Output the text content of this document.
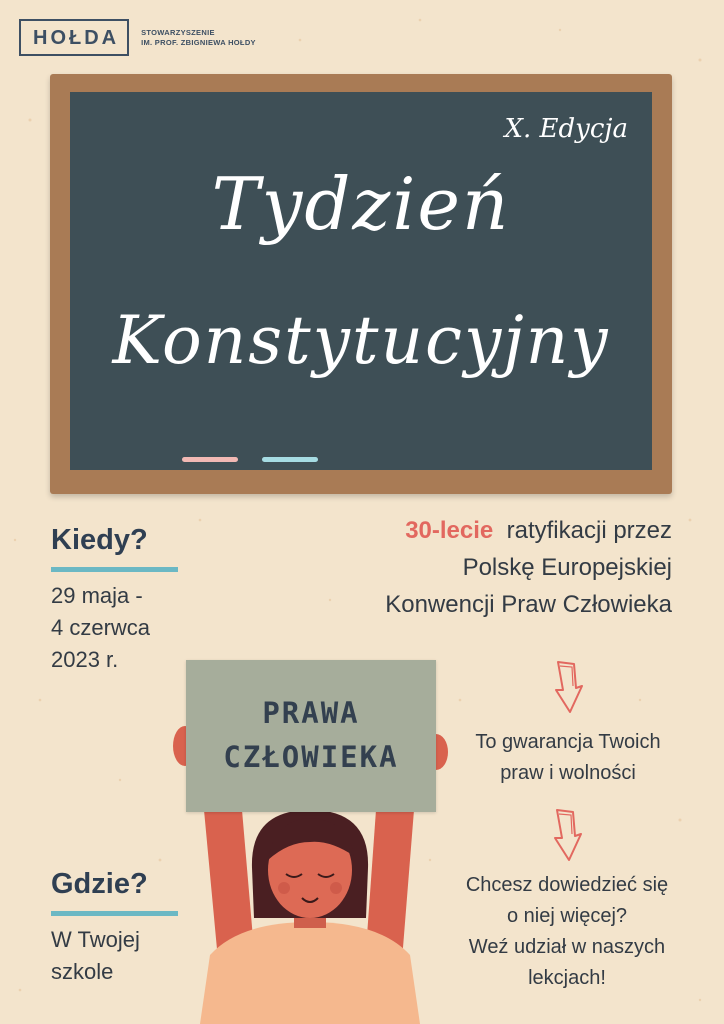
HOŁDA	STOWARZYSZENIE
IM. PROF. ZBIGNIEWA HOŁDY
X. Edycja
Tydzień
Konstytucyjny
Kiedy?
29 maja -
4 czerwca
2023 r.
Gdzie?
W Twojej
szkole
30-lecie ratyfikacji przez
Polskę Europejskiej
Konwencji Praw Człowieka
To gwarancja Twoich
praw i wolności
Chcesz dowiedzieć się
o niej więcej?
Weź udział w naszych
lekcjach!
PRAWA
CZŁOWIEKA
